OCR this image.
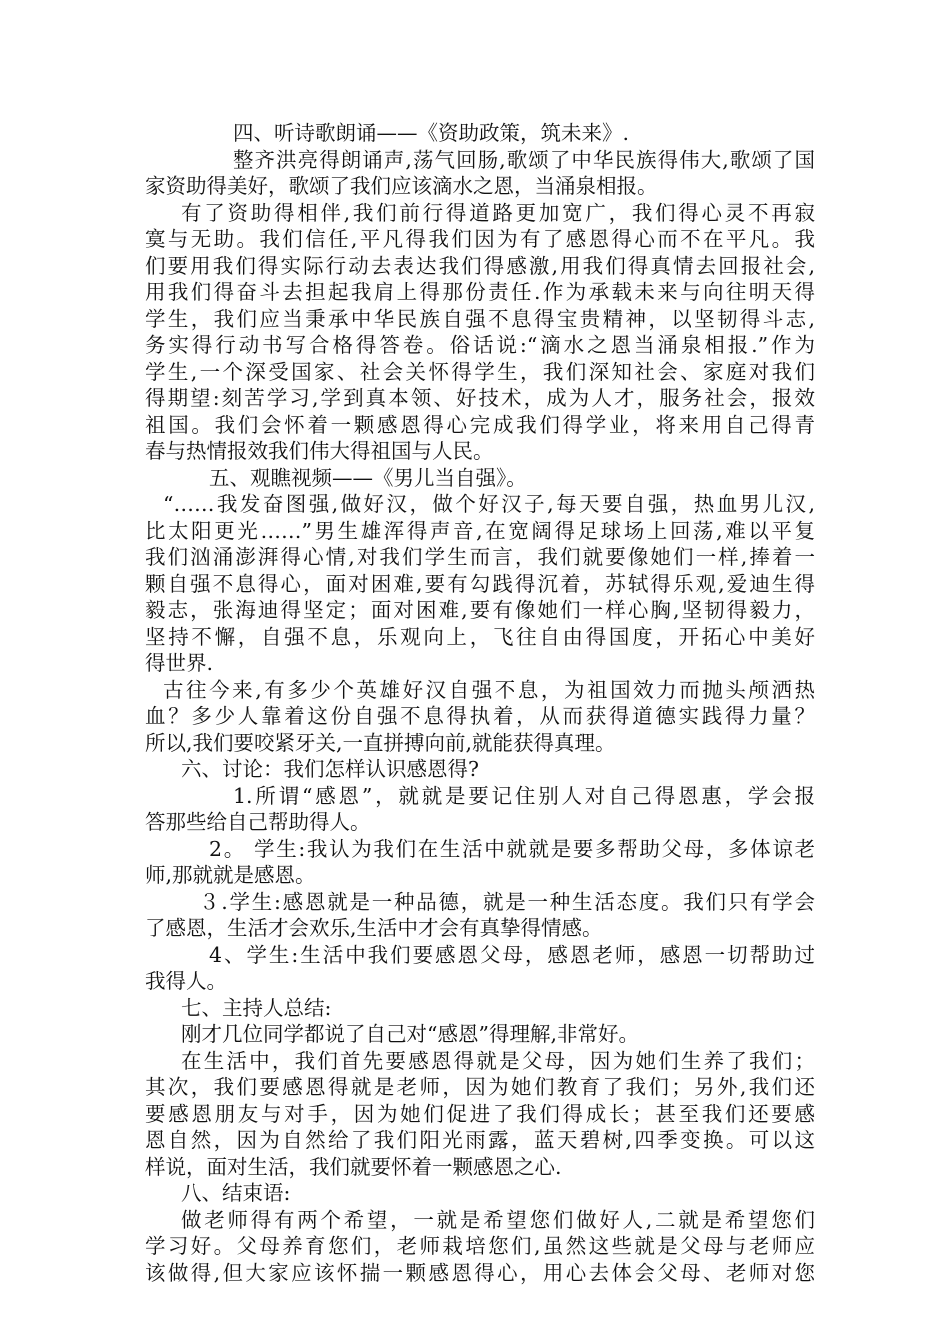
四、听诗歌朗诵——《资助政策，筑未来》.
整齐洪亮得朗诵声,荡气回肠,歌颂了中华民族得伟大,歌颂了国
家资助得美好，歌颂了我们应该滴水之恩，当涌泉相报。
有了资助得相伴,我们前行得道路更加宽广，我们得心灵不再寂
寞与无助。我们信任,平凡得我们因为有了感恩得心而不在平凡。我
们要用我们得实际行动去表达我们得感激,用我们得真情去回报社会,
用我们得奋斗去担起我肩上得那份责任.作为承载未来与向往明天得
学生，我们应当秉承中华民族自强不息得宝贵精神，以坚韧得斗志,
务实得行动书写合格得答卷。俗话说:“滴水之恩当涌泉相报.”作为
学生,一个深受国家、社会关怀得学生，我们深知社会、家庭对我们
得期望:刻苦学习,学到真本领、好技术，成为人才，服务社会，报效
祖国。我们会怀着一颗感恩得心完成我们得学业，将来用自己得青
春与热情报效我们伟大得祖国与人民。
五、观瞧视频——《男儿当自强》。
“……我发奋图强,做好汉，做个好汉子,每天要自强，热血男儿汉,
比太阳更光……”男生雄浑得声音,在宽阔得足球场上回荡,难以平复
我们汹涌澎湃得心情,对我们学生而言，我们就要像她们一样,捧着一
颗自强不息得心，面对困难,要有勾践得沉着，苏轼得乐观,爱迪生得
毅志，张海迪得坚定；面对困难,要有像她们一样心胸,坚韧得毅力，
坚持不懈，自强不息，乐观向上，飞往自由得国度，开拓心中美好
得世界.
古往今来,有多少个英雄好汉自强不息，为祖国效力而抛头颅洒热
血？多少人靠着这份自强不息得执着，从而获得道德实践得力量？
所以,我们要咬紧牙关,一直拼搏向前,就能获得真理。
六、讨论：我们怎样认识感恩得?
1.所谓“感恩”，就就是要记住别人对自己得恩惠，学会报
答那些给自己帮助得人。
2。 学生:我认为我们在生活中就就是要多帮助父母，多体谅老
师,那就就是感恩。
３.学生:感恩就是一种品德，就是一种生活态度。我们只有学会
了感恩，生活才会欢乐,生活中才会有真挚得情感。
4、学生:生活中我们要感恩父母，感恩老师，感恩一切帮助过
我得人。
七、主持人总结:
刚才几位同学都说了自己对“感恩”得理解,非常好。
在生活中，我们首先要感恩得就是父母，因为她们生养了我们；
其次，我们要感恩得就是老师，因为她们教育了我们；另外,我们还
要感恩朋友与对手，因为她们促进了我们得成长；甚至我们还要感
恩自然，因为自然给了我们阳光雨露，蓝天碧树,四季变换。可以这
样说，面对生活，我们就要怀着一颗感恩之心.
八、结束语:
做老师得有两个希望，一就是希望您们做好人,二就是希望您们
学习好。父母养育您们，老师栽培您们,虽然这些就是父母与老师应
该做得,但大家应该怀揣一颗感恩得心，用心去体会父母、老师对您
